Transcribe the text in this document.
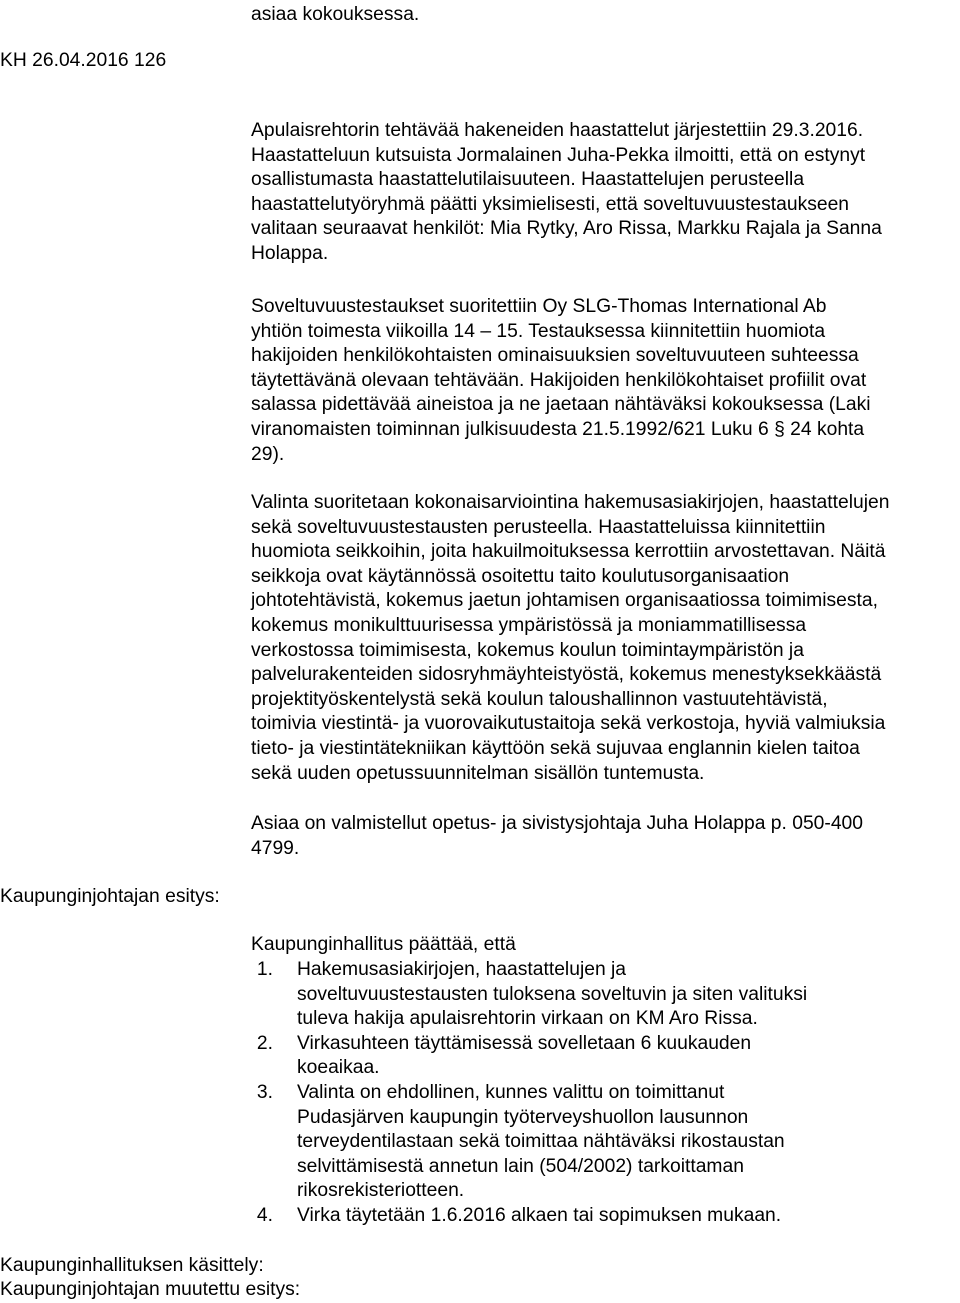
asiaa kokouksessa.
KH 26.04.2016 126
Apulaisrehtorin tehtävää hakeneiden haastattelut järjestettiin 29.3.2016.
Haastatteluun kutsuista Jormalainen Juha-Pekka ilmoitti, että on estynyt
osallistumasta haastattelutilaisuuteen. Haastattelujen perusteella
haastattelutyöryhmä päätti yksimielisesti, että soveltuvuustestaukseen
valitaan seuraavat henkilöt: Mia Rytky, Aro Rissa, Markku Rajala ja Sanna
Holappa.
Soveltuvuustestaukset suoritettiin Oy SLG-Thomas International Ab
yhtiön toimesta viikoilla 14 – 15. Testauksessa kiinnitettiin huomiota
hakijoiden henkilökohtaisten ominaisuuksien soveltuvuuteen suhteessa
täytettävänä olevaan tehtävään. Hakijoiden henkilökohtaiset profiilit ovat
salassa pidettävää aineistoa ja ne jaetaan nähtäväksi kokouksessa (Laki
viranomaisten toiminnan julkisuudesta 21.5.1992/621 Luku 6 § 24 kohta
29).
Valinta suoritetaan kokonaisarviointina hakemusasiakirjojen, haastattelujen
sekä soveltuvuustestausten perusteella. Haastatteluissa kiinnitettiin
huomiota seikkoihin, joita hakuilmoituksessa kerrottiin arvostettavan. Näitä
seikkoja ovat käytännössä osoitettu taito koulutusorganisaation
johtotehtävistä, kokemus jaetun johtamisen organisaatiossa toimimisesta,
kokemus monikulttuurisessa ympäristössä ja moniammatillisessa
verkostossa toimimisesta, kokemus koulun toimintaympäristön ja
palvelurakenteiden sidosryhmäyhteistyöstä, kokemus menestyksekkäästä
projektityöskentelystä sekä koulun taloushallinnon vastuutehtävistä,
toimivia viestintä- ja vuorovaikutustaitoja sekä verkostoja, hyviä valmiuksia
tieto- ja viestintätekniikan käyttöön sekä sujuvaa englannin kielen taitoa
sekä uuden opetussuunnitelman sisällön tuntemusta.
Asiaa on valmistellut opetus- ja sivistysjohtaja Juha Holappa p. 050-400
4799.
Kaupunginjohtajan esitys:
Kaupunginhallitus päättää, että
1. Hakemusasiakirjojen, haastattelujen ja
soveltuvuustestausten tuloksena soveltuvin ja siten valituksi
tuleva hakija apulaisrehtorin virkaan on KM Aro Rissa.
2. Virkasuhteen täyttämisessä sovelletaan 6 kuukauden
koeaikaa.
3. Valinta on ehdollinen, kunnes valittu on toimittanut
Pudasjärven kaupungin työterveyshuollon lausunnon
terveydentilastaan sekä toimittaa nähtäväksi rikostaustan
selvittämisestä annetun lain (504/2002) tarkoittaman
rikosrekisteriotteen.
4. Virka täytetään 1.6.2016 alkaen tai sopimuksen mukaan.
Kaupunginhallituksen käsittely:
Kaupunginjohtajan muutettu esitys:
